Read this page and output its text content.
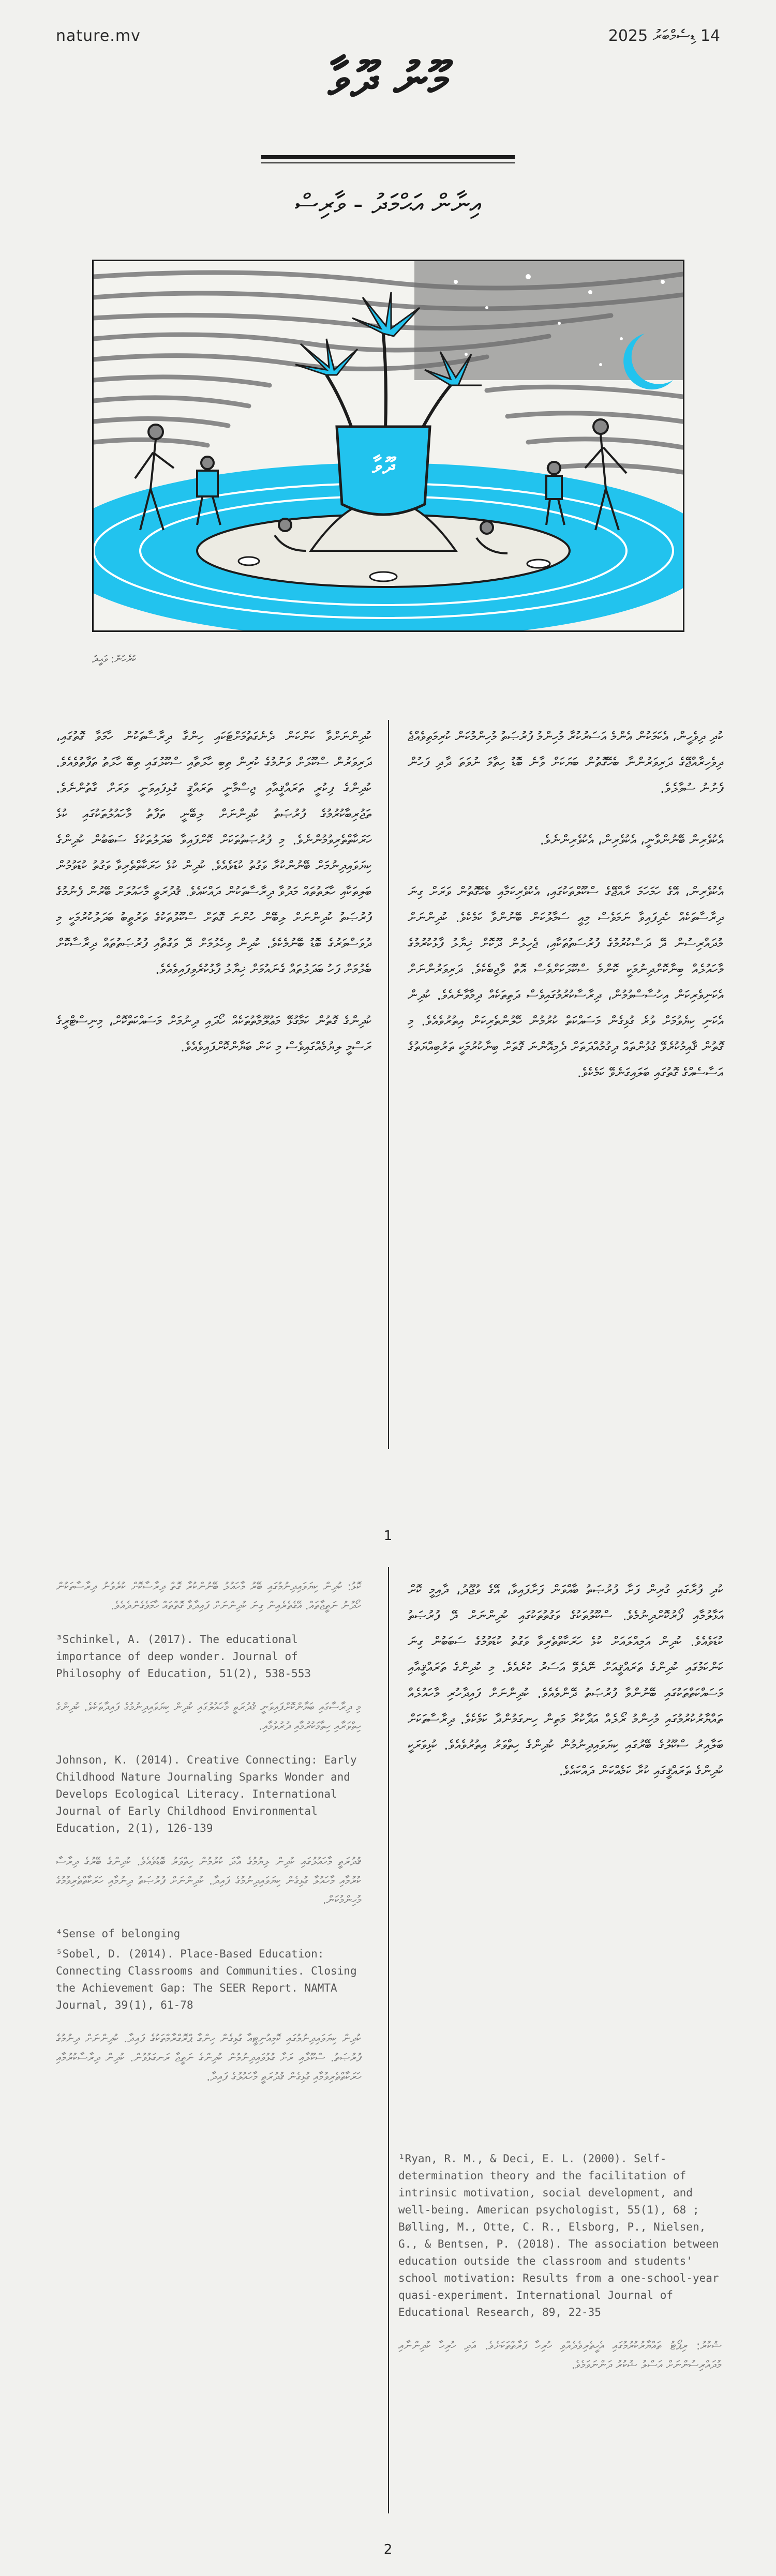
nature.mv	14 ޑިސެމްބަރު 2025
މޫނު ދޫވާ
އިނާން އަޙްމަދު - ވާރިސް
ދޫވާ
ކުރެހުން: ވަޙީދު

ކުދި ދިވެހީން، އެކަމަކުން އެންމެ އަސަރުކުރާ މުހިންމު ފުރުޞަތު މުހިންމުކަން ކުރިމަތިވެއްޖެ ދިވެހިރާއްޖޭގެ ދަރިވަރުންނާ ބެހޭގޮތުން ބަޔަކަށް ވާނެ ބޮޑު ހިތާމަ ނުވަތަ ދާދި ފަހުން ފެށުނު ސުވާލެވެ.

އެކުވެރިން ބޭނުންވާނީ، އެކުވެރިން، އެކުވެރިންނެވެ.

އެކުވެރިން، އޭގެ ހަމަހަމަ ރާއްޖޭގެ ސްކޫލްތަކުގައި، އެކުވެރިކަމާއި ބެހޭގޮތުން ވަރަށް ގިނަ ދިރާސާތަކެއް ހެދިފައިވާ ނަމަވެސް މިއީ ސަމާލުކަން ބޭނުންވާ ކަމެކެވެ. ކުދިންނަށް މުދައްރިސުން ދޭ ދަސްކުރުމުގެ ފުރުސަތުތަކާއި، ޖެހިލުން ދޫކޮށް ޚިޔާލު ފާޅުކުރުމުގެ މާހައުލެއް ބިނާކޮށްދިނުމަކީ ކޮންމެ ސްކޫލަކަށްވެސް އޮތް ވާޖިބެކެވެ. ދަރިވަރުންނަށް އެކަނިވެރިކަން އިހުސާސްވުމުން، ދިރާސާކުރުމުގައިވެސް ދަތިތަކެއް ދިމާވާނެއެވެ. ކުދިން އެކަނި ކިޔެވުމަށް ވުރެ ގުޅިގެން މަސައްކަތް ކުރުމުން ހޭލުންތެރިކަން އިތުރުވެއެވެ. މި ގޮތުން ޤާއިމުކުރެވޭ ގުޅުންތައް ދިގުމުއްދަތަށް ދެމިއޮންނަ ގޮތަށް ބިނާކުރުމަކީ ތަރުބިއްޔަތުގެ އަސާސެއްގެ ގޮތުގައި ބަލައިގަނެވޭ ކަމެކެވެ.

ކުދިންނަށްވާ ކަންކަން ދެނެގަތުމަށްޓަކައި ހިންގާ ދިރާސާތަކުން ހާމަވާ ގޮތުގައި، ދަރިވަރުން ސްކޫލަށް ވަނުމުގެ ކުރިން ތިބި ހާލަތާއި ސްކޫލުގައި ތިބޭ ހާލަތު ތަފާތުވެއެވެ. ކުދިންގެ ފިކުރީ ތަރައްޤީއާއި ޖިސްމާނީ ތަރައްޤީ ގުޅިފައިވަނީ ވަރަށް ގާތުންނެވެ. ތަޖުރިބާކުރުމުގެ ފުރުޞަތު ކުދިންނަށް ލިބޭނީ ތަފާތު މާހައުލުތަކުގައި ކުޅެ ހަރަކާތްތެރިވުމުންނެވެ. މި ފުރުޞަތުތަކަށް ކޮށްފައިވާ ބަދަލުތަކުގެ ސަބަބުން ކުދިންގެ ކިޔަވައިދިނުމަށް ބޭނުންކުރާ ވަގުތު ކުޑަވެއެވެ. ކުދިން ކުޅެ ހަރަކާތްތެރިވާ ވަގުތު ކުޑަވުމުން ބަލިތަކާއި ހާލަތުތައް މަދުވާ ދިރާސާތަކުން ދައްކައެވެ. ޤުދުރަތީ މާހައުލަށް ބޭރުން ފެނުމުގެ ފުރުޞަތު ކުދިންނަށް ލިބޭން ހުންނަ ގޮތަށް ސްކޫލުތަކުގެ ތަރުތީބު ބަދަލުކުރުމަކީ މި ދުވަސްވަރުގެ ބޮޑު ބޭނުމެކެވެ. ކުދިން ވިހެލުމަށް ދޭ ވަގުތާއި ފުރުޞަތުތައް ދިރާސާކޮށް ބެލުމަށް ފަހު ބަދަލުތައް ގެނައުމަށް ޚިޔާލު ފާޅުކުރެވިފައިވެއެވެ.

ކުދިންގެ ގޮތުން ކަމާގުޅޭ މަޢުލޫމާތުތަކެއް ހޯދައި ދިނުމަށް މަސައްކަތްކޮށް، މިނިސްޓްރީގެ ރަސްމީ ލިޔުމެއްގައިވެސް މި ކަން ބަޔާންކޮށްފައިވެއެވެ.

1

ކުދި ފުރާގައި ގުރިން ފަށާ ފުރުޞަތު ބާއްވަން ފަށާފައިވާ، އޭގެ ވުޖޫދު، ދާއިމީ ކޮށް އަޅާލުމާއި ފޯރުކޮށްދިނުމެވެ. ސްކޫލުތަކުގެ ވަގުތުތަކުގައި ކުދިންނަށް ދޭ ފުރުޞަތު ކުޑަވެއެވެ. ކުދިން އަމިއްލައަށް ކުޅެ ހަރަކާތްތެރިވާ ވަގުތު ކުޑަވުމުގެ ސަބަބުން ގިނަ ކަންކަމުގައި ކުދިންގެ ތަރައްޤީއަށް ނޭދެވޭ އަސަރު ކުރެއެވެ. މި ކުދިންގެ ތަރައްޤީއާއި މަސައްކަތްތަކުގައި ބޭނުންވާ ފުރުޞަތު ދޭންވެއެވެ. ކުދިންނަށް ފައިދާހުރި މާހައުލެއް ތައްޔާރުކުރުމުގައި މުހިންމު ރޯލެއް އަދާކުރާ މަތިން ހިނގަމުންދާ ކަމެކެވެ. ދިރާސާތަކަށް ބަލާއިރު ސްކޫލުގެ ބޭރުގައި ކިޔަވައިދިނުމުން ކުދިންގެ ހިތްވަރު އިތުރުވެއެވެ. ކުޅިވަރަކީ ކުދިންގެ ތަރައްޤީގައި ކުރާ ކަމެއްކަން ދައްކައެވެ.

¹Ryan, R. M., & Deci, E. L. (2000). Self-determination theory and the facilitation of intrinsic motivation, social development, and well-being. American psychologist, 55(1), 68 ; Bølling, M., Otte, C. R., Elsborg, P., Nielsen, G., & Bentsen, P. (2018). The association between education outside the classroom and students' school motivation: Results from a one-school-year quasi-experiment. International Journal of Educational Research, 89, 22-35
ޝުކުރު: ރިޕޯޓު ތައްޔާރުކުރުމުގައި އެހީތެރިވެދެއްވި ހުރިހާ ފަރާތްތަކަށެވެ. އަދި ހުރިހާ ކުދިންނާއި މުދައްރިސުންނަށް އަސްލު ޝުކުރު ދަންނަވަމެވެ.
ކޮޅު: ކުދިން ކިޔަވައިދިނުމުގައި ބޭރު މާހައުލު ބޭނުންކުރާ ގޮތް ދިރާސާކޮށް ކުރެވުނު ދިރާސާތަކުން ހޯދުނު ނަތީޖާތައް. އޭގެތެރެއިން ގިނަ ކުދިންނަށް ފައިދާވާ ގޮތްތައް ހާމަވެގެންދެއެވެ.
³Schinkel, A. (2017). The educational importance of deep wonder. Journal of Philosophy of Education, 51(2), 538-553
މި ދިރާސާގައި ބަޔާންކޮށްފައިވަނީ ޤުދުރަތީ މާހައުލުގައި ކުދިން ކިޔަވައިދިނުމުގެ ފައިދާތަކެވެ. ކުދިންގެ ހިތްވަރާއި ހިތާމަކުރުމާއި ދުރުވުމާއި.
Johnson, K. (2014). Creative Connecting: Early Childhood Nature Journaling Sparks Wonder and Develops Ecological Literacy. International Journal of Early Childhood Environmental Education, 2(1), 126-139
ޤުދުރަތީ މާހައުލުގައި ކުދިން ލިޔުމުގެ އާދަ ކުރުމުން ހިތްވަރު ބޮޑުވެއެވެ. ކުދިންގެ ބޭރުގެ ދިރާސާ ކުރުމާއި މާހައުލާ ގުޅިގެން ކިޔަވައިދިނުމުގެ ފައިދާ. ކުދިންނަށް ފުރުޞަތު ދިނުމާއި ހަރަކާތްތެރިވުމުގެ މުހިންމުކަން.
⁴Sense of belonging
⁵Sobel, D. (2014). Place-Based Education: Connecting Classrooms and Communities. Closing the Achievement Gap: The SEER Report. NAMTA Journal, 39(1), 61-78
ކުދިން ކިޔަވައިދިނުމުގައި ކޮމިއުނިޓީއާ ގުޅިގެން ހިންގާ ޕްރޮގްރާމްތަކުގެ ފައިދާ. ކުދިންނަށް ދިނުމުގެ ފުރުޞަތު. ސްކޫލާއި ރަށާ ގުޅުވައިދިނުމުން ކުދިންގެ ނަތީޖާ ރަނގަޅުވުން. ކުދިން ދިރާސާކުރުމާއި ހަރަކާތްތެރިވުމާއި ގުޅިގެން ޤުދުރަތީ މާހައުލުގެ ފައިދާ.
2
